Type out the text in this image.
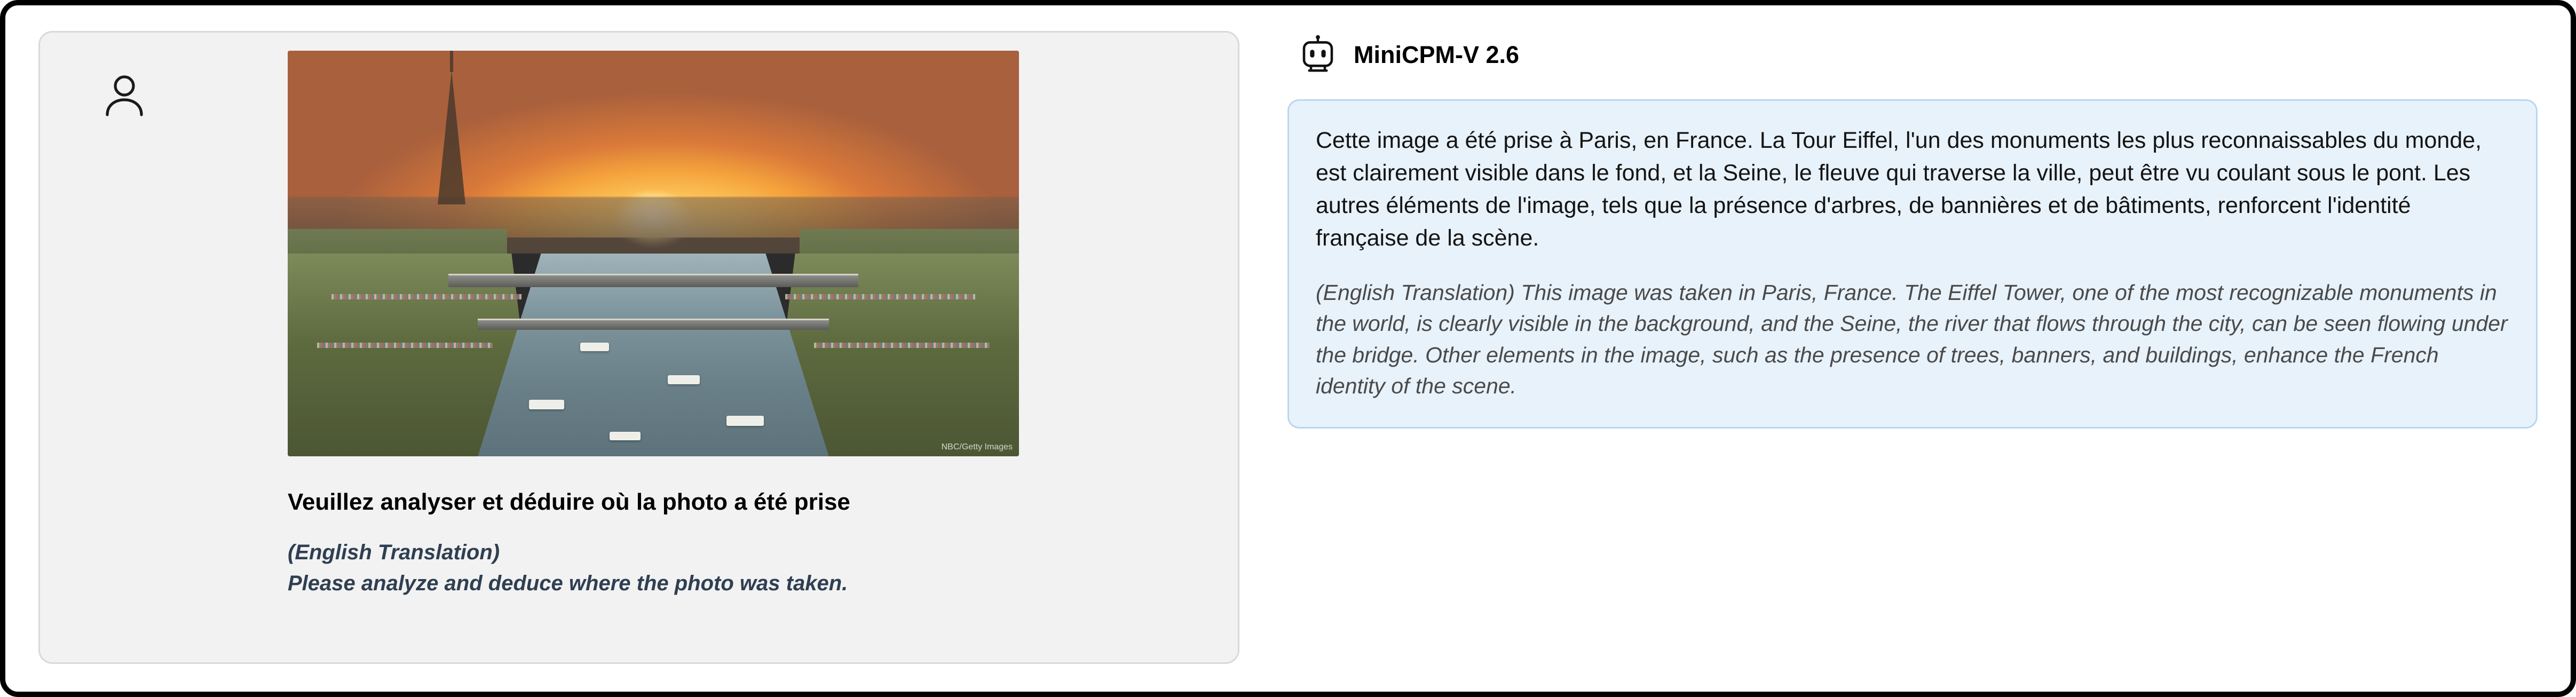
NBC/Getty Images
Veuillez analyser et déduire où la photo a été prise
(English Translation)
Please analyze and deduce where the photo was taken.
MiniCPM-V 2.6
Cette image a été prise à Paris, en France. La Tour Eiffel, l'un des monuments les plus reconnaissables du monde, est clairement visible dans le fond, et la Seine, le fleuve qui traverse la ville, peut être vu coulant sous le pont. Les autres éléments de l'image, tels que la présence d'arbres, de bannières et de bâtiments, renforcent l'identité française de la scène.
(English Translation) This image was taken in Paris, France. The Eiffel Tower, one of the most recognizable monuments in the world, is clearly visible in the background, and the Seine, the river that flows through the city, can be seen flowing under the bridge. Other elements in the image, such as the presence of trees, banners, and buildings, enhance the French identity of the scene.
